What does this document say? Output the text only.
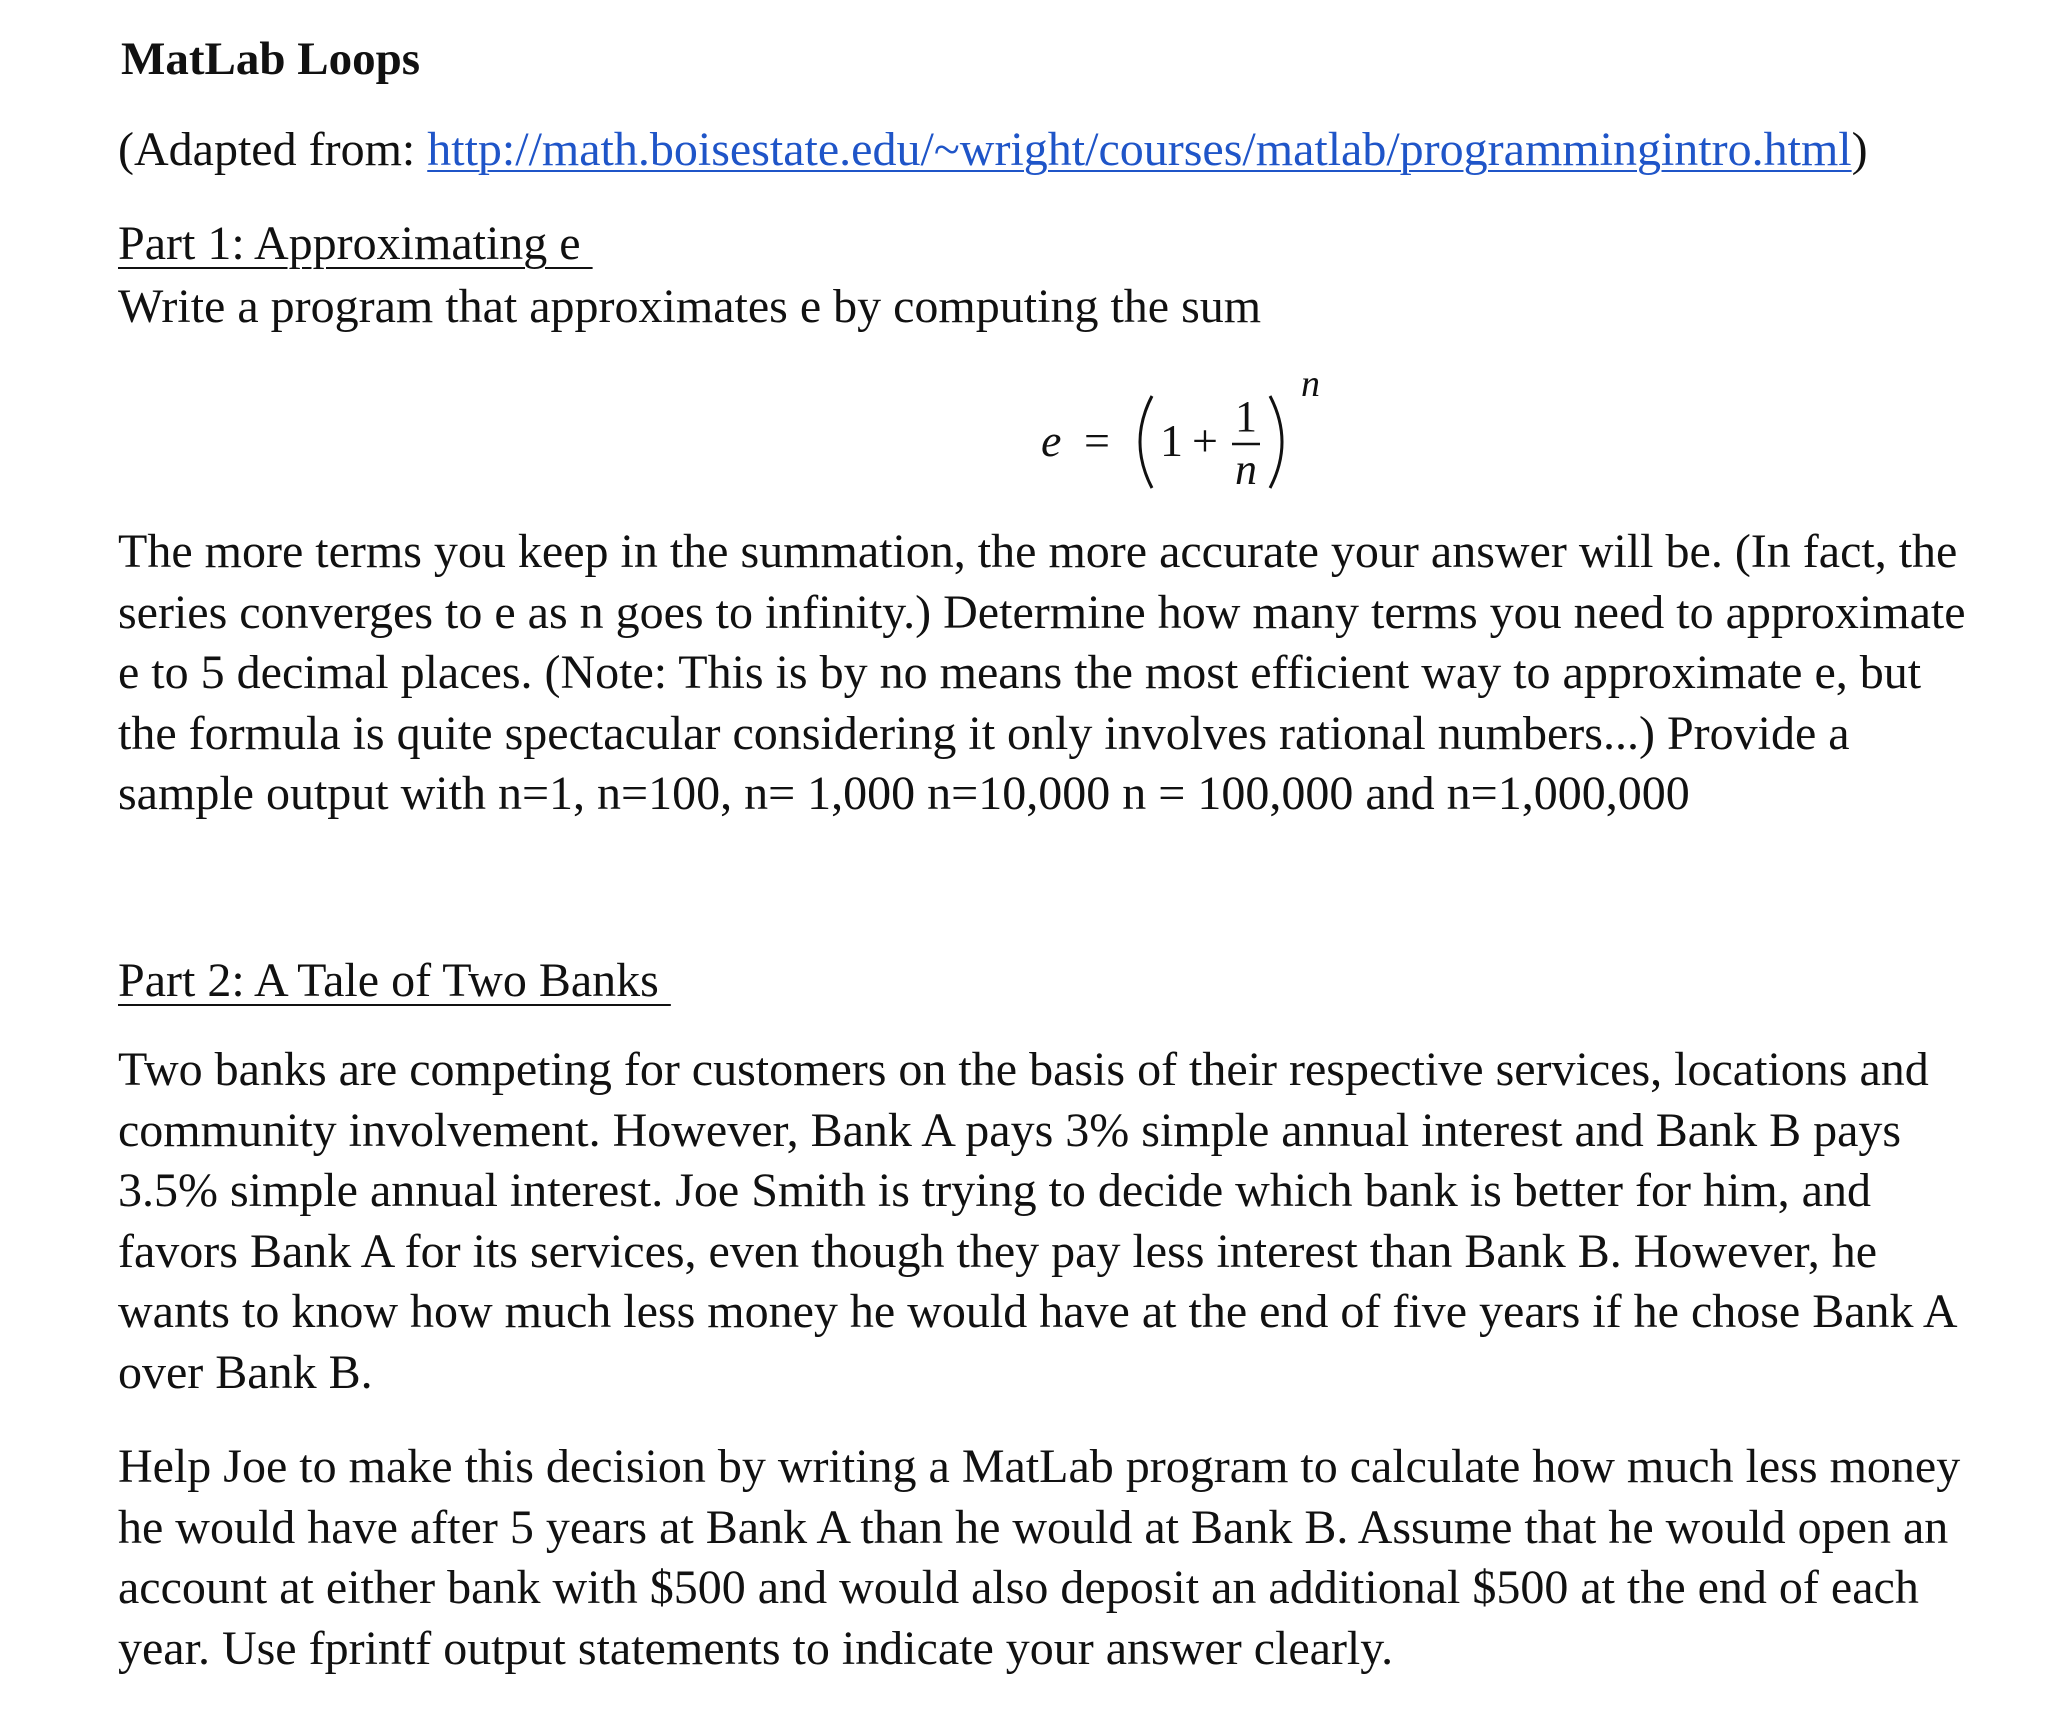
MatLab Loops
(Adapted from: http://math.boisestate.edu/~wright/courses/matlab/programmingintro.html)
Part 1: Approximating e
Write a program that approximates e by computing the sum
e = 1 + 1
n
n
The more terms you keep in the summation, the more accurate your answer will be. (In fact, the
series converges to e as n goes to infinity.) Determine how many terms you need to approximate
e to 5 decimal places. (Note: This is by no means the most efficient way to approximate e, but
the formula is quite spectacular considering it only involves rational numbers...) Provide a
sample output with n=1, n=100, n= 1,000 n=10,000 n = 100,000 and n=1,000,000
Part 2: A Tale of Two Banks
Two banks are competing for customers on the basis of their respective services, locations and
community involvement. However, Bank A pays 3% simple annual interest and Bank B pays
3.5% simple annual interest. Joe Smith is trying to decide which bank is better for him, and
favors Bank A for its services, even though they pay less interest than Bank B. However, he
wants to know how much less money he would have at the end of five years if he chose Bank A
over Bank B.
Help Joe to make this decision by writing a MatLab program to calculate how much less money
he would have after 5 years at Bank A than he would at Bank B. Assume that he would open an
account at either bank with $500 and would also deposit an additional $500 at the end of each
year. Use fprintf output statements to indicate your answer clearly.
